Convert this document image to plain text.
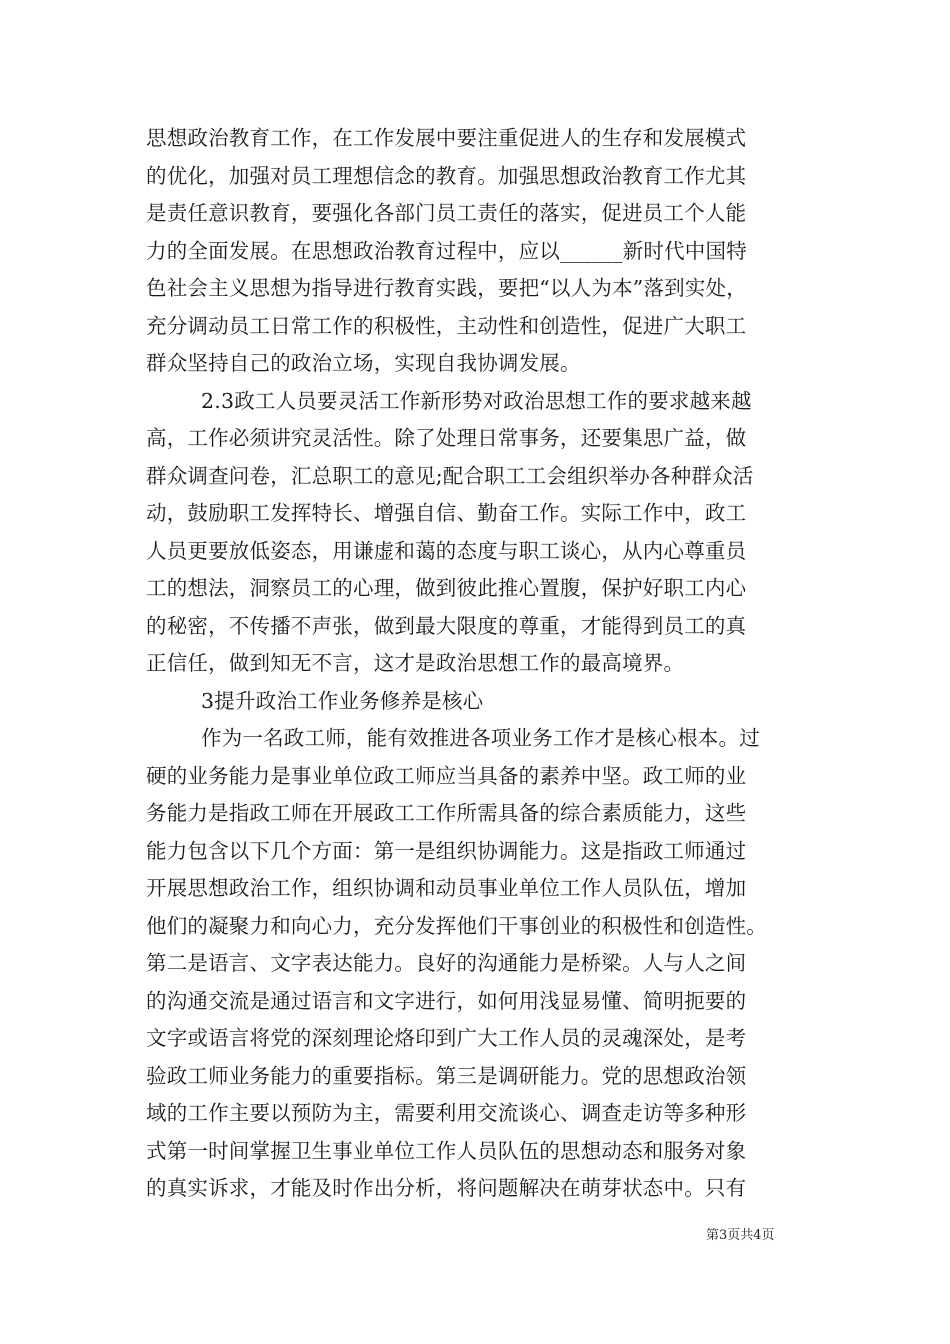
思想政治教育工作，在工作发展中要注重促进人的生存和发展模式
的优化，加强对员工理想信念的教育。加强思想政治教育工作尤其
是责任意识教育，要强化各部门员工责任的落实，促进员工个人能
力的全面发展。在思想政治教育过程中，应以______新时代中国特
色社会主义思想为指导进行教育实践，要把“以人为本”落到实处，
充分调动员工日常工作的积极性，主动性和创造性，促进广大职工
群众坚持自己的政治立场，实现自我协调发展。
2.3政工人员要灵活工作新形势对政治思想工作的要求越来越
高，工作必须讲究灵活性。除了处理日常事务，还要集思广益，做
群众调查问卷，汇总职工的意见;配合职工工会组织举办各种群众活
动，鼓励职工发挥特长、增强自信、勤奋工作。实际工作中，政工
人员更要放低姿态，用谦虚和蔼的态度与职工谈心，从内心尊重员
工的想法，洞察员工的心理，做到彼此推心置腹，保护好职工内心
的秘密，不传播不声张，做到最大限度的尊重，才能得到员工的真
正信任，做到知无不言，这才是政治思想工作的最高境界。
3提升政治工作业务修养是核心
作为一名政工师，能有效推进各项业务工作才是核心根本。过
硬的业务能力是事业单位政工师应当具备的素养中坚。政工师的业
务能力是指政工师在开展政工工作所需具备的综合素质能力，这些
能力包含以下几个方面：第一是组织协调能力。这是指政工师通过
开展思想政治工作，组织协调和动员事业单位工作人员队伍，增加
他们的凝聚力和向心力，充分发挥他们干事创业的积极性和创造性。
第二是语言、文字表达能力。良好的沟通能力是桥梁。人与人之间
的沟通交流是通过语言和文字进行，如何用浅显易懂、简明扼要的
文字或语言将党的深刻理论烙印到广大工作人员的灵魂深处，是考
验政工师业务能力的重要指标。第三是调研能力。党的思想政治领
域的工作主要以预防为主，需要利用交流谈心、调查走访等多种形
式第一时间掌握卫生事业单位工作人员队伍的思想动态和服务对象
的真实诉求，才能及时作出分析，将问题解决在萌芽状态中。只有
第3页共4页
